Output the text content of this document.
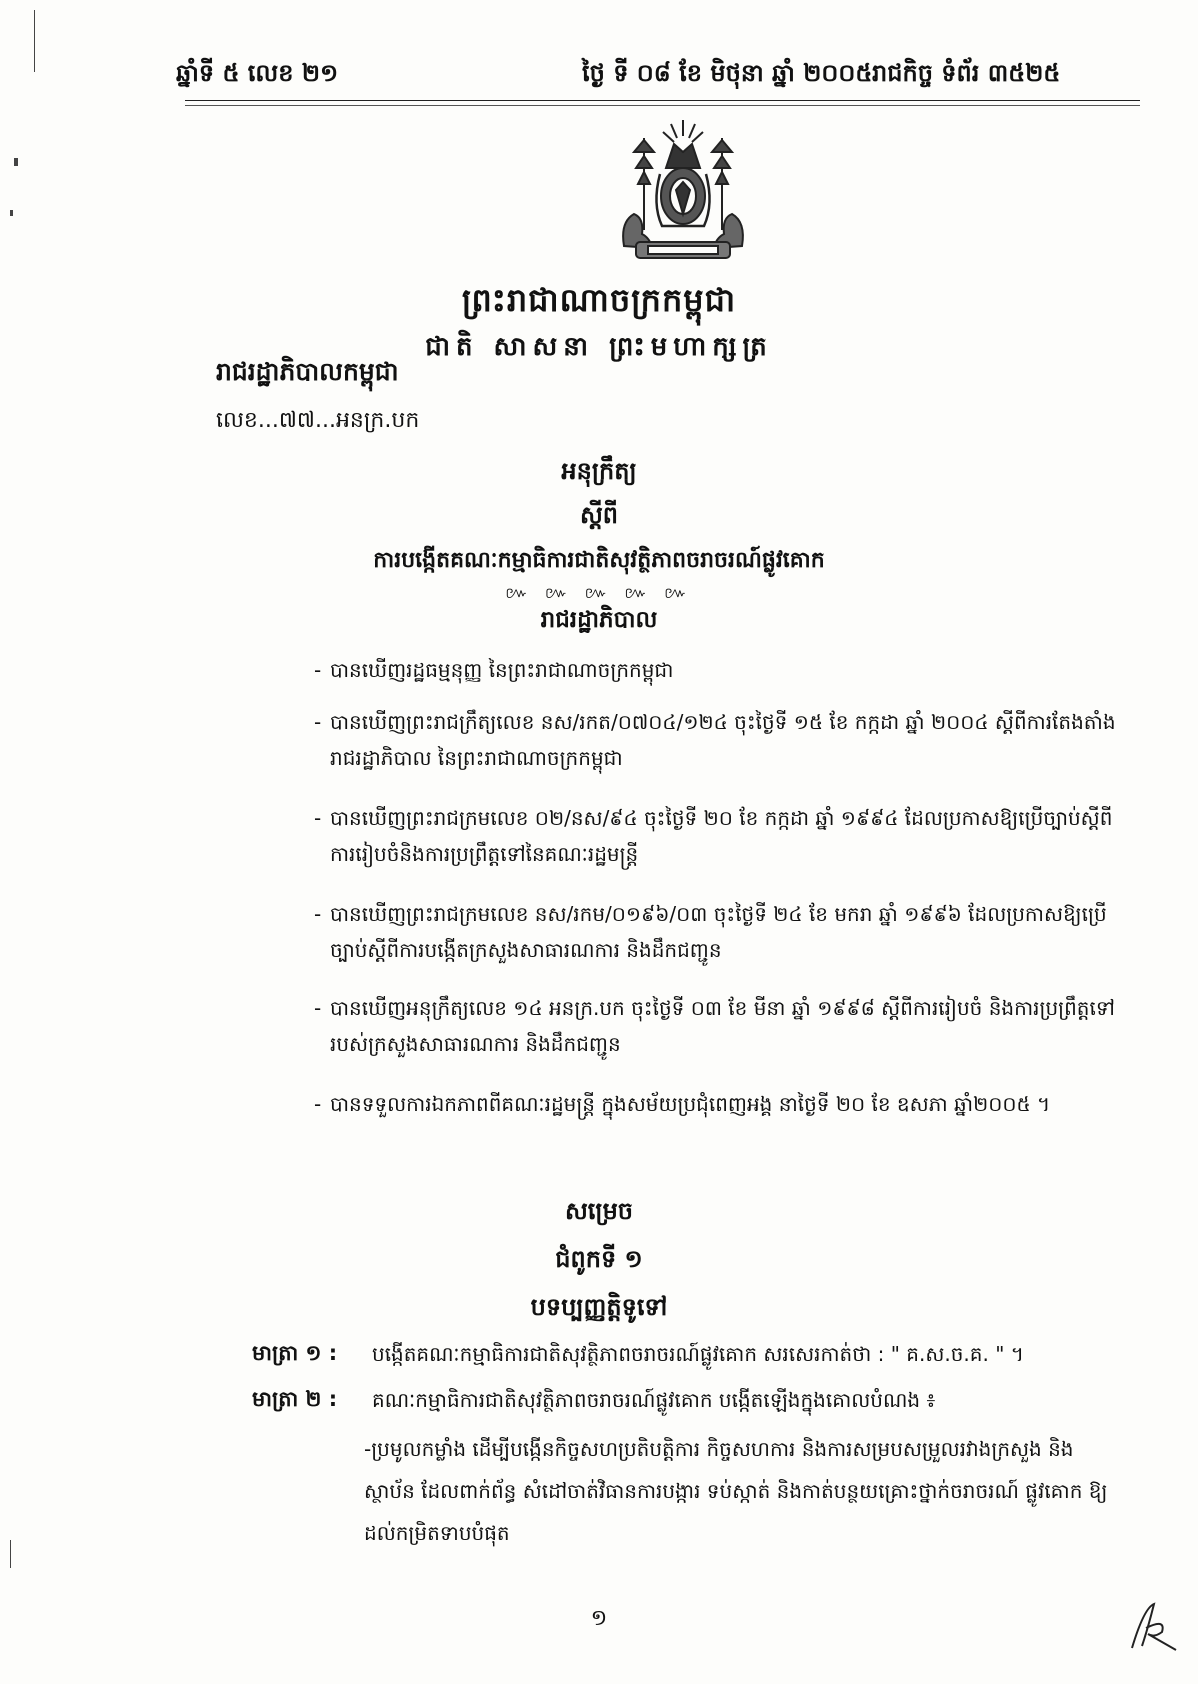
ឆ្នាំទី ៥ លេខ ២១	ថ្ងៃ ទី ០៨ ខែ មិថុនា ឆ្នាំ ២០០៥ រាជកិច្ច ទំព័រ ៣៥២៥
ព្រះរាជាណាចក្រកម្ពុជា
ជាតិ សាសនា ព្រះមហាក្សត្រ
រាជរដ្ឋាភិបាលកម្ពុជា
លេខ...៧៧...អនក្រ.បក
អនុក្រឹត្យ
ស្តីពី
ការបង្កើតគណៈកម្មាធិការជាតិសុវត្ថិភាពចរាចរណ៍ផ្លូវគោក
៚ ៚ ៚ ៚ ៚
រាជរដ្ឋាភិបាល
- បានឃើញរដ្ឋធម្មនុញ្ញ នៃព្រះរាជាណាចក្រកម្ពុជា
- បានឃើញព្រះរាជក្រឹត្យលេខ នស/រកត/០៧០៤/១២៤ ចុះថ្ងៃទី ១៥ ខែ កក្កដា ឆ្នាំ ២០០៤ ស្តីពីការតែងតាំងរាជរដ្ឋាភិបាល នៃព្រះរាជាណាចក្រកម្ពុជា
- បានឃើញព្រះរាជក្រមលេខ ០២/នស/៩៤ ចុះថ្ងៃទី ២០ ខែ កក្កដា ឆ្នាំ ១៩៩៤ ដែលប្រកាសឱ្យប្រើច្បាប់ស្តីពីការរៀបចំនិងការប្រព្រឹត្តទៅនៃគណៈរដ្ឋមន្ត្រី
- បានឃើញព្រះរាជក្រមលេខ នស/រកម/០១៩៦/០៣ ចុះថ្ងៃទី ២៤ ខែ មករា ឆ្នាំ ១៩៩៦ ដែលប្រកាសឱ្យប្រើច្បាប់ស្តីពីការបង្កើតក្រសួងសាធារណការ និងដឹកជញ្ជូន
- បានឃើញអនុក្រឹត្យលេខ ១៤ អនក្រ.បក ចុះថ្ងៃទី ០៣ ខែ មីនា ឆ្នាំ ១៩៩៨ ស្តីពីការរៀបចំ និងការប្រព្រឹត្តទៅរបស់ក្រសួងសាធារណការ និងដឹកជញ្ជូន
- បានទទួលការឯកភាពពីគណៈរដ្ឋមន្ត្រី ក្នុងសម័យប្រជុំពេញអង្គ នាថ្ងៃទី ២០ ខែ ឧសភា ឆ្នាំ២០០៥ ។
សម្រេច
ជំពូកទី ១
បទប្បញ្ញត្តិទូទៅ
មាត្រា ១ : បង្កើតគណៈកម្មាធិការជាតិសុវត្ថិភាពចរាចរណ៍ផ្លូវគោក សរសេរកាត់ថា : " គ.ស.ច.គ. " ។
មាត្រា ២ : គណៈកម្មាធិការជាតិសុវត្ថិភាពចរាចរណ៍ផ្លូវគោក បង្កើតឡើងក្នុងគោលបំណង ៖
-ប្រមូលកម្លាំង ដើម្បីបង្កើនកិច្ចសហប្រតិបត្តិការ កិច្ចសហការ និងការសម្របសម្រួលរវាងក្រសួង និងស្ថាប័ន ដែលពាក់ព័ន្ធ សំដៅចាត់វិធានការបង្ការ ទប់ស្កាត់ និងកាត់បន្ថយគ្រោះថ្នាក់ចរាចរណ៍ ផ្លូវគោក ឱ្យដល់កម្រិតទាបបំផុត
១
